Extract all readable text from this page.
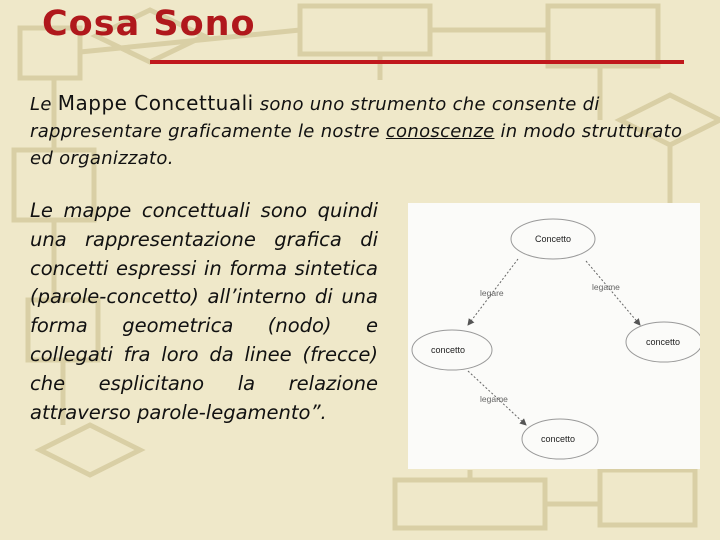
Cosa Sono

Le Mappe Concettuali sono uno strumento che consente di rappresentare graficamente le nostre conoscenze in modo strutturato ed organizzato.

Le mappe concettuali sono quindi una rappresentazione grafica di concetti espressi in forma sintetica (parole-concetto) all’interno di una forma geometrica (nodo) e collegati fra loro da linee (frecce) che esplicitano la relazione attraverso parole-legamento”.

Concetto
concetto
concetto
concetto
legare
legame
legame
